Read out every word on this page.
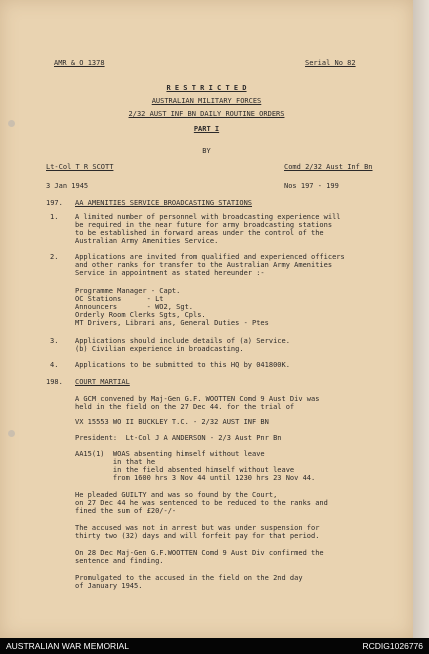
AMR & O 1378	Serial No 82
R E S T R I C T E D
AUSTRALIAN MILITARY FORCES
2/32 AUST INF BN DAILY ROUTINE ORDERS
PART I
BY
Lt-Col T R SCOTT	Comd 2/32 Aust Inf Bn
3 Jan 1945	Nos 197 - 199
197. AA AMENITIES SERVICE BROADCASTING STATIONS
1. A limited number of personnel with broadcasting experience will
be required in the near future for army broadcasting stations
to be established in forward areas under the control of the
Australian Army Amenities Service.
2. Applications are invited from qualified and experienced officers
and other ranks for transfer to the Australian Army Amenities
Service in appointment as stated hereunder :-
Programme Manager - Capt.
OC Stations      - Lt
Announcers       - WO2, Sgt.
Orderly Room Clerks Sgts, Cpls.
MT Drivers, Librari ans, General Duties - Ptes
3. Applications should include details of (a) Service.
(b) Civilian experience in broadcasting.
4. Applications to be submitted to this HQ by 041800K.
198. COURT MARTIAL
A GCM convened by Maj-Gen G.F. WOOTTEN Comd 9 Aust Div was
held in the field on the 27 Dec 44. for the trial of
VX 15553 WO II BUCKLEY T.C. - 2/32 AUST INF BN
President:  Lt-Col J A ANDERSON - 2/3 Aust Pnr Bn
AA15(1)  WOAS absenting himself without leave
in that he
in the field absented himself without leave
from 1600 hrs 3 Nov 44 until 1230 hrs 23 Nov 44.
He pleaded GUILTY and was so found by the Court,
on 27 Dec 44 he was sentenced to be reduced to the ranks and
fined the sum of £20/-/-
The accused was not in arrest but was under suspension for
thirty two (32) days and will forfeit pay for that period.
On 28 Dec Maj-Gen G.F.WOOTTEN Comd 9 Aust Div confirmed the
sentence and finding.
Promulgated to the accused in the field on the 2nd day
of January 1945.
AUSTRALIAN WAR MEMORIAL	RCDIG1026776
